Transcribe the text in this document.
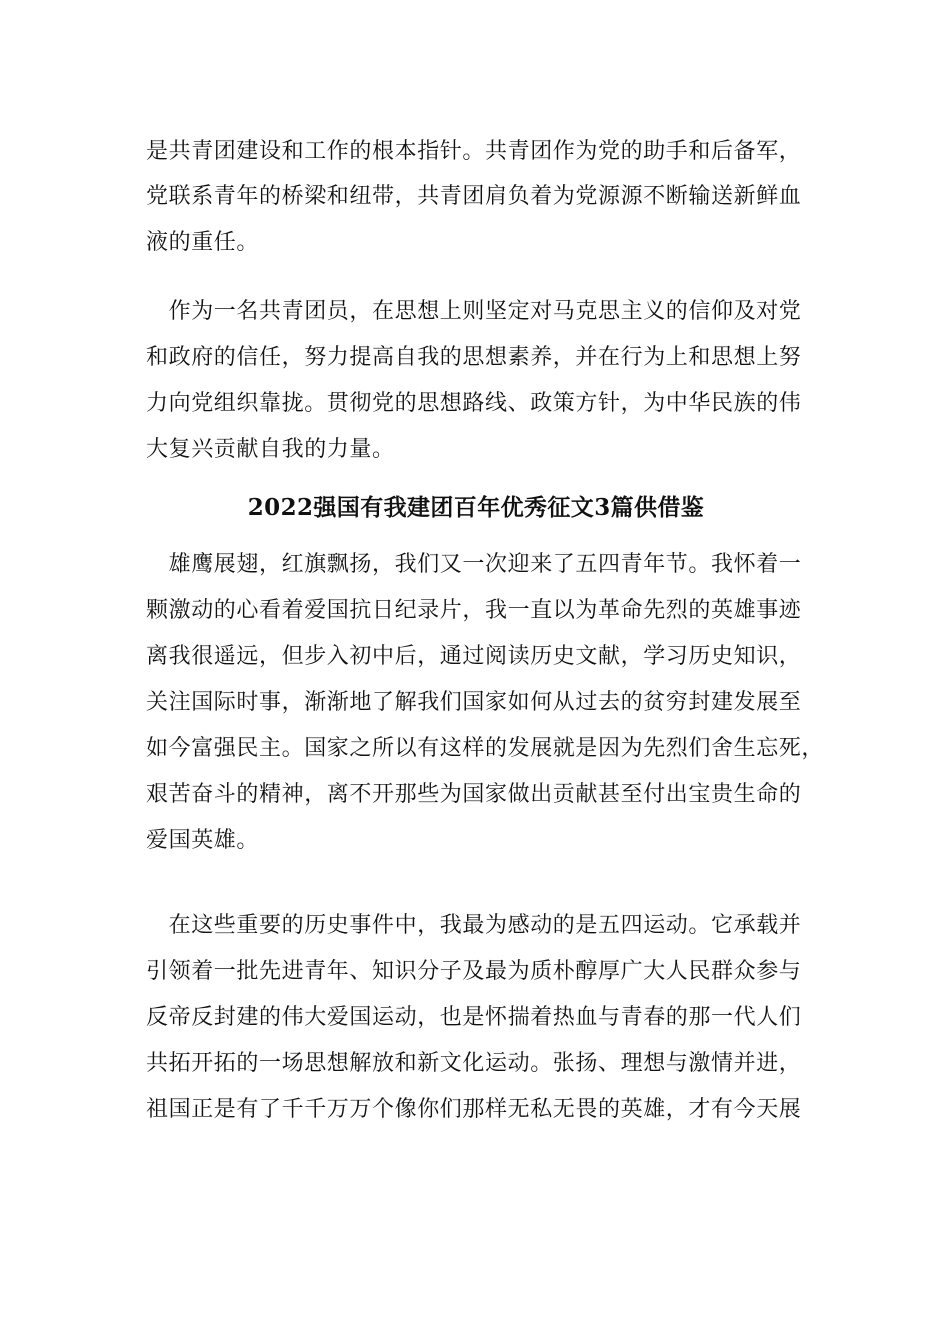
是共青团建设和工作的根本指针。共青团作为党的助手和后备军，
党联系青年的桥梁和纽带，共青团肩负着为党源源不断输送新鲜血
液的重任。
　作为一名共青团员，在思想上则坚定对马克思主义的信仰及对党
和政府的信任，努力提高自我的思想素养，并在行为上和思想上努
力向党组织靠拢。贯彻党的思想路线、政策方针，为中华民族的伟
大复兴贡献自我的力量。
2022强国有我建团百年优秀征文3篇供借鉴
　雄鹰展翅，红旗飘扬，我们又一次迎来了五四青年节。我怀着一
颗激动的心看着爱国抗日纪录片，我一直以为革命先烈的英雄事迹
离我很遥远，但步入初中后，通过阅读历史文献，学习历史知识，
关注国际时事，渐渐地了解我们国家如何从过去的贫穷封建发展至
如今富强民主。国家之所以有这样的发展就是因为先烈们舍生忘死，
艰苦奋斗的精神，离不开那些为国家做出贡献甚至付出宝贵生命的
爱国英雄。
　在这些重要的历史事件中，我最为感动的是五四运动。它承载并
引领着一批先进青年、知识分子及最为质朴醇厚广大人民群众参与
反帝反封建的伟大爱国运动，也是怀揣着热血与青春的那一代人们
共拓开拓的一场思想解放和新文化运动。张扬、理想与激情并进，
祖国正是有了千千万万个像你们那样无私无畏的英雄，才有今天展
